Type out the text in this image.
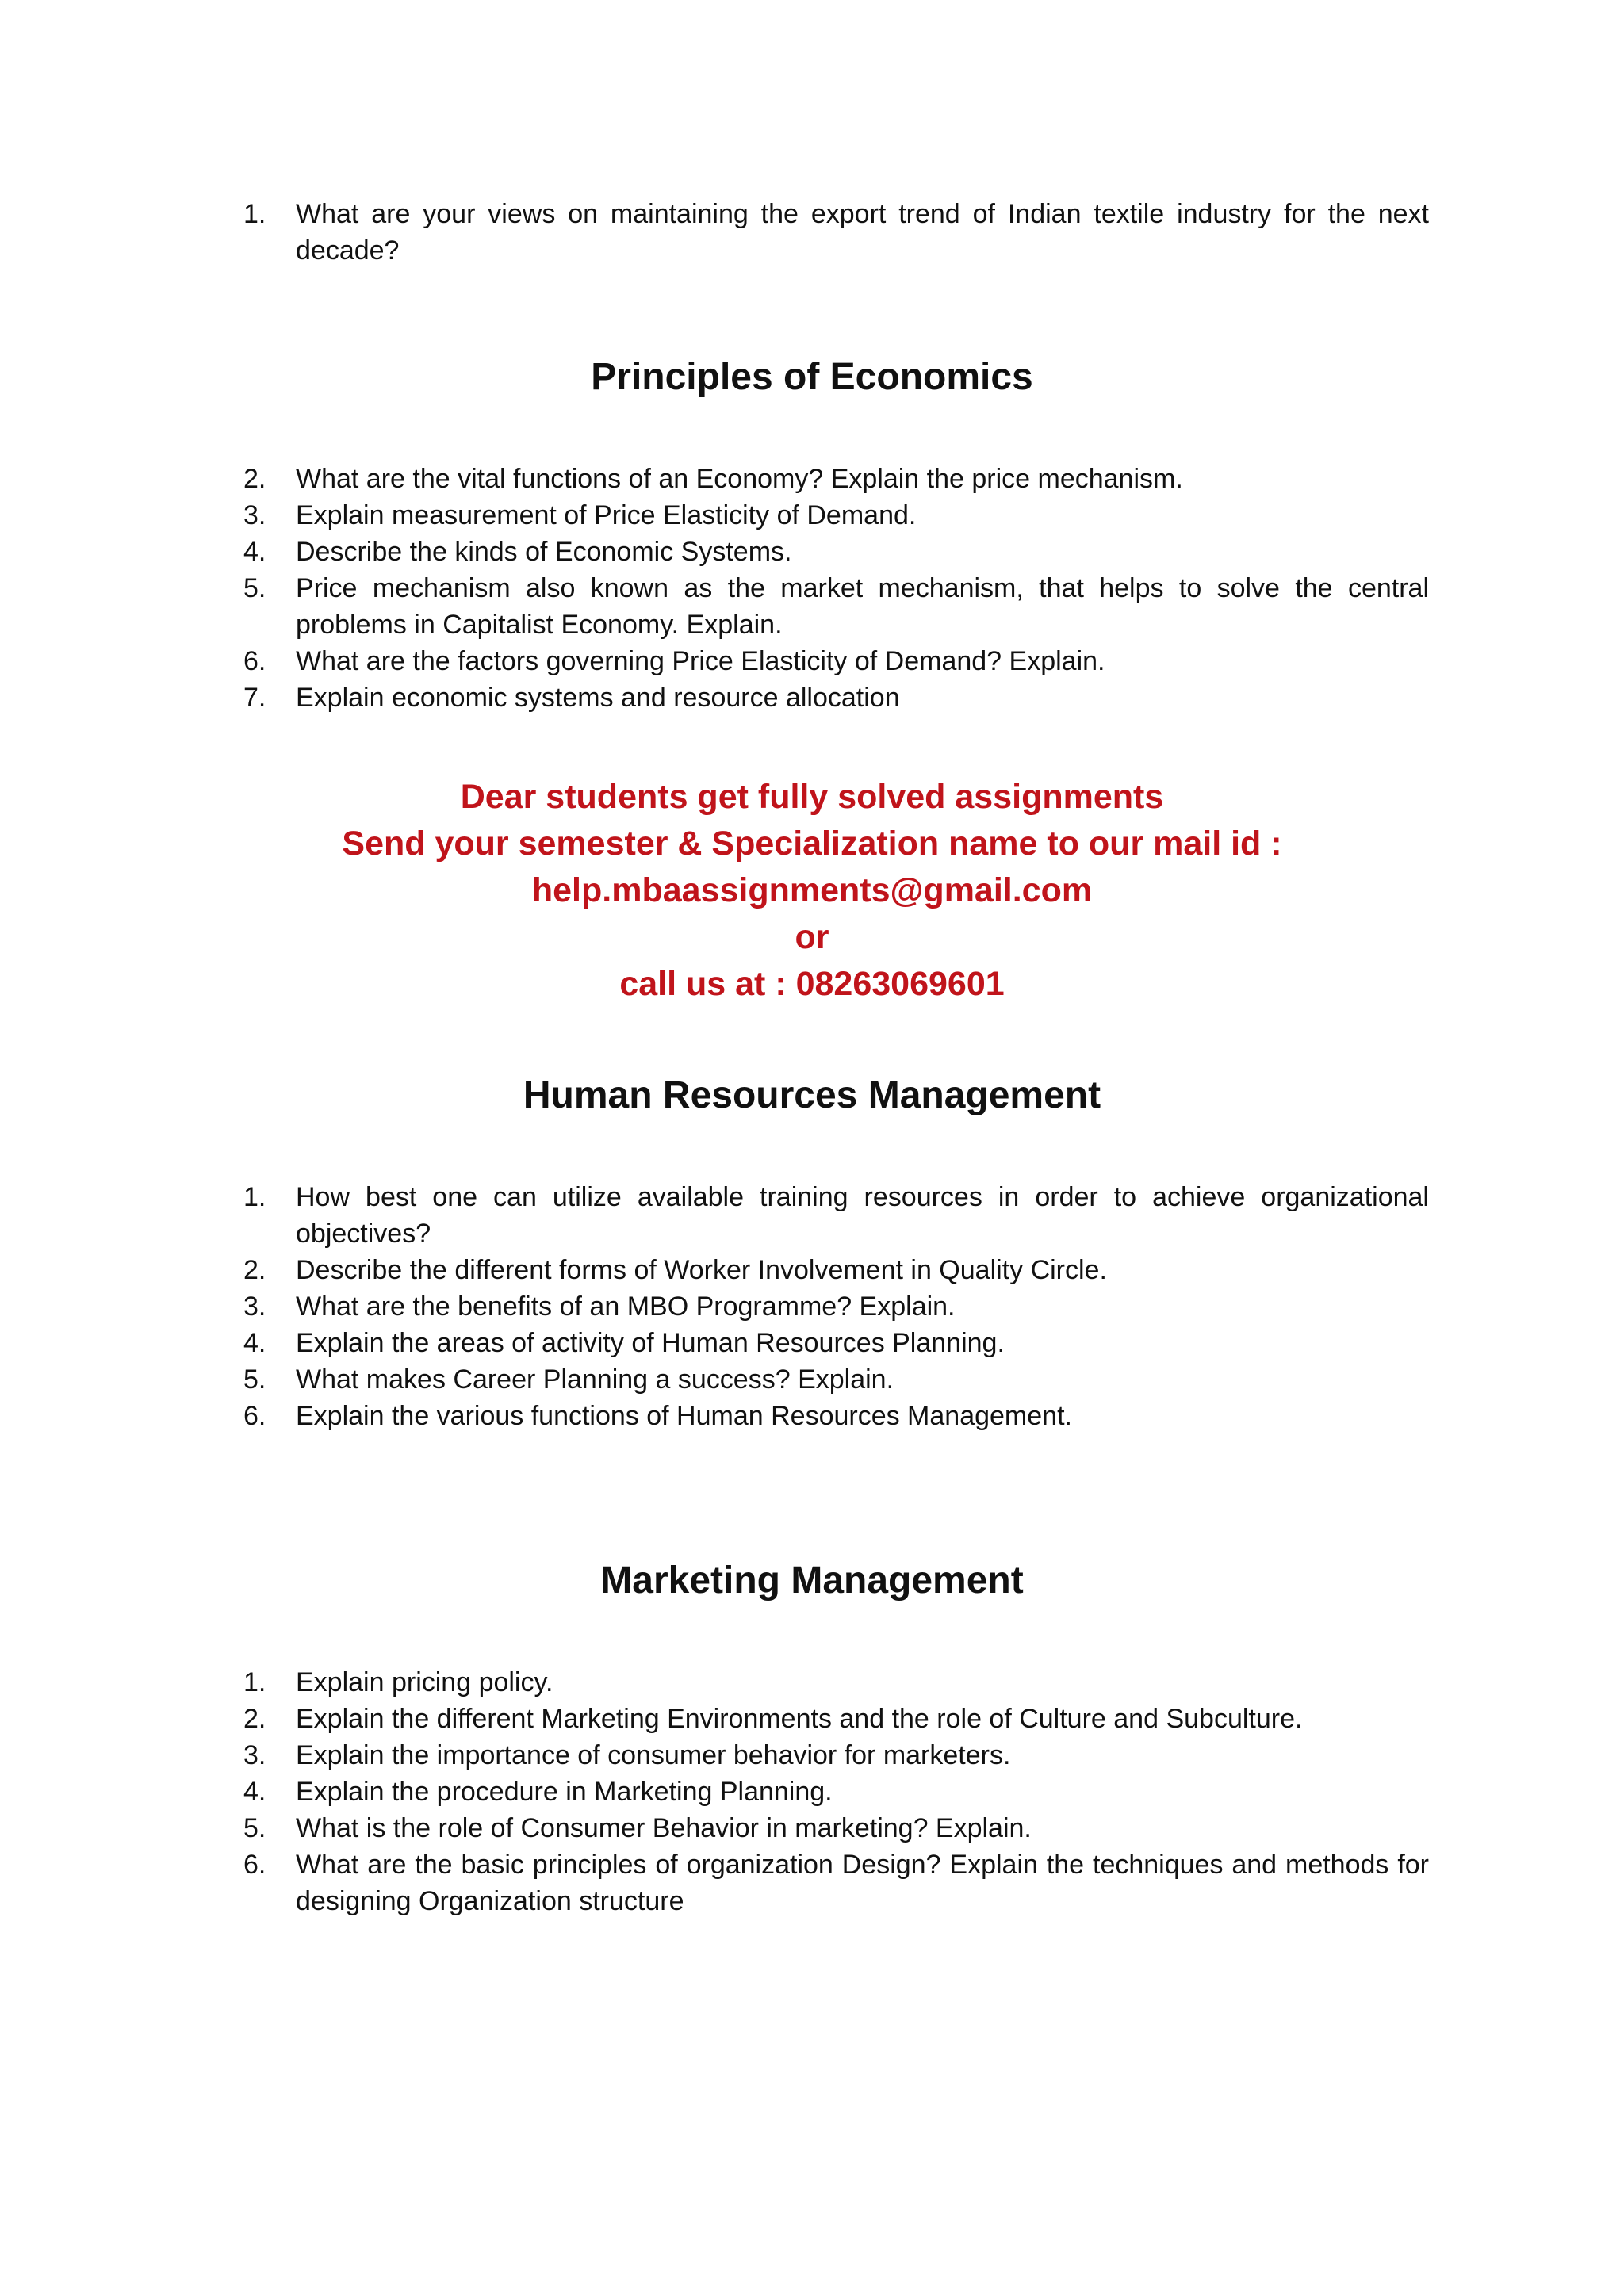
1.	What are your views on maintaining the export trend of Indian textile industry for the next decade?
Principles of Economics
2.	What are the vital functions of an Economy? Explain the price mechanism.
3.	Explain measurement of Price Elasticity of Demand.
4.	Describe the kinds of Economic Systems.
5.	Price mechanism also known as the market mechanism, that helps to solve the central problems in Capitalist Economy. Explain.
6.	What are the factors governing Price Elasticity of Demand? Explain.
7.	Explain economic systems and resource allocation
Dear students get fully solved assignments
Send your semester & Specialization name to our mail id :
help.mbaassignments@gmail.com
or
call us at : 08263069601
Human Resources Management
1.	How best one can utilize available training resources in order to achieve organizational objectives?
2.	Describe the different forms of Worker Involvement in Quality Circle.
3.	What are the benefits of an MBO Programme? Explain.
4.	Explain the areas of activity of Human Resources Planning.
5.	What makes Career Planning a success? Explain.
6.	Explain the various functions of Human Resources Management.
Marketing Management
1.	Explain pricing policy.
2.	Explain the different Marketing Environments and the role of Culture and Subculture.
3.	Explain the importance of consumer behavior for marketers.
4.	Explain the procedure in Marketing Planning.
5.	What is the role of Consumer Behavior in marketing? Explain.
6.	What are the basic principles of organization Design? Explain the techniques and methods for designing Organization structure
